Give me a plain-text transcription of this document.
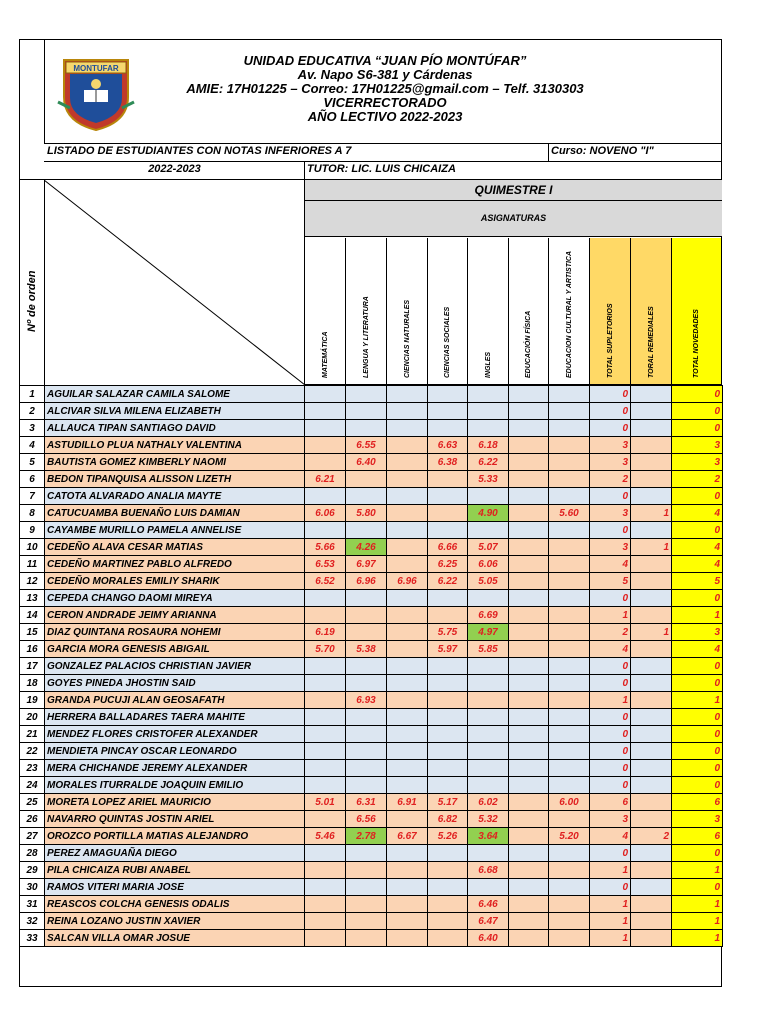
MONTUFAR
UNIDAD EDUCATIVA “JUAN PÍO MONTÚFAR”
Av. Napo S6-381 y Cárdenas
AMIE: 17H01225 – Correo: 17H01225@gmail.com – Telf. 3130303
VICERRECTORADO
AÑO LECTIVO 2022-2023
LISTADO DE ESTUDIANTES CON NOTAS INFERIORES A 7	Curso: NOVENO "I"
2022-2023	TUTOR: LIC. LUIS CHICAIZA
QUIMESTRE I
ASIGNATURAS
Nº de orden
MATEMÁTICA	LENGUA Y LITERATURA	CIENCIAS NATURALES	CIENCIAS SOCIALES	INGLES	EDUCACIÓN FÍSICA	EDUCACION CULTURAL Y ARTISTICA	TOTAL SUPLETORIOS	TORAL REMEDIALES	TOTAL NOVEDADES
1	AGUILAR SALAZAR CAMILA SALOME								0		0
2	ALCIVAR SILVA MILENA ELIZABETH								0		0
3	ALLAUCA TIPAN SANTIAGO DAVID								0		0
4	ASTUDILLO PLUA NATHALY VALENTINA		6.55		6.63	6.18			3		3
5	BAUTISTA GOMEZ KIMBERLY NAOMI		6.40		6.38	6.22			3		3
6	BEDON TIPANQUISA ALISSON LIZETH	6.21				5.33			2		2
7	CATOTA ALVARADO ANALIA MAYTE								0		0
8	CATUCUAMBA BUENAÑO LUIS DAMIAN	6.06	5.80			4.90		5.60	3	1	4
9	CAYAMBE MURILLO PAMELA ANNELISE								0		0
10	CEDEÑO ALAVA CESAR MATIAS	5.66	4.26		6.66	5.07			3	1	4
11	CEDEÑO MARTINEZ PABLO ALFREDO	6.53	6.97		6.25	6.06			4		4
12	CEDEÑO MORALES EMILIY SHARIK	6.52	6.96	6.96	6.22	5.05			5		5
13	CEPEDA CHANGO DAOMI MIREYA								0		0
14	CERON ANDRADE JEIMY ARIANNA					6.69			1		1
15	DIAZ QUINTANA ROSAURA NOHEMI	6.19			5.75	4.97			2	1	3
16	GARCIA MORA GENESIS ABIGAIL	5.70	5.38		5.97	5.85			4		4
17	GONZALEZ PALACIOS CHRISTIAN JAVIER								0		0
18	GOYES PINEDA JHOSTIN SAID								0		0
19	GRANDA PUCUJI ALAN GEOSAFATH		6.93						1		1
20	HERRERA BALLADARES TAERA MAHITE								0		0
21	MENDEZ FLORES CRISTOFER ALEXANDER								0		0
22	MENDIETA PINCAY OSCAR LEONARDO								0		0
23	MERA CHICHANDE JEREMY ALEXANDER								0		0
24	MORALES ITURRALDE JOAQUIN EMILIO								0		0
25	MORETA LOPEZ ARIEL MAURICIO	5.01	6.31	6.91	5.17	6.02		6.00	6		6
26	NAVARRO QUINTAS JOSTIN ARIEL		6.56		6.82	5.32			3		3
27	OROZCO PORTILLA MATIAS ALEJANDRO	5.46	2.78	6.67	5.26	3.64		5.20	4	2	6
28	PEREZ AMAGUAÑA DIEGO								0		0
29	PILA CHICAIZA RUBI ANABEL					6.68			1		1
30	RAMOS VITERI MARIA JOSE								0		0
31	REASCOS COLCHA GENESIS ODALIS					6.46			1		1
32	REINA LOZANO JUSTIN XAVIER					6.47			1		1
33	SALCAN VILLA OMAR JOSUE					6.40			1		1
